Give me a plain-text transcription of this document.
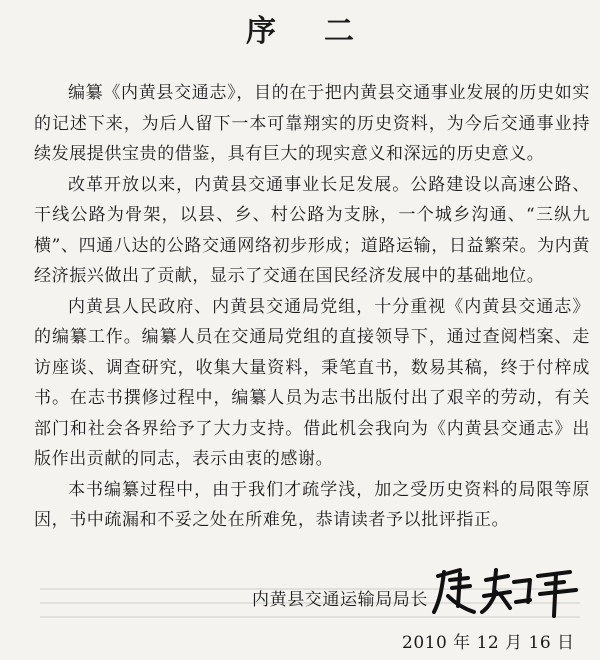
序二

编纂《内黄县交通志》，目的在于把内黄县交通事业发展的历史如实的记述下来，为后人留下一本可靠翔实的历史资料，为今后交通事业持续发展提供宝贵的借鉴，具有巨大的现实意义和深远的历史意义。

改革开放以来，内黄县交通事业长足发展。公路建设以高速公路、干线公路为骨架，以县、乡、村公路为支脉，一个城乡沟通、“三纵九横”、四通八达的公路交通网络初步形成；道路运输，日益繁荣。为内黄经济振兴做出了贡献，显示了交通在国民经济发展中的基础地位。

内黄县人民政府、内黄县交通局党组，十分重视《内黄县交通志》的编纂工作。编纂人员在交通局党组的直接领导下，通过查阅档案、走访座谈、调查研究，收集大量资料，秉笔直书，数易其稿，终于付梓成书。在志书撰修过程中，编纂人员为志书出版付出了艰辛的劳动，有关部门和社会各界给予了大力支持。借此机会我向为《内黄县交通志》出版作出贡献的同志，表示由衷的感谢。

本书编纂过程中，由于我们才疏学浅，加之受历史资料的局限等原因，书中疏漏和不妥之处在所难免，恭请读者予以批评指正。

内黄县交通运输局局长
2010 年 12 月 16 日
